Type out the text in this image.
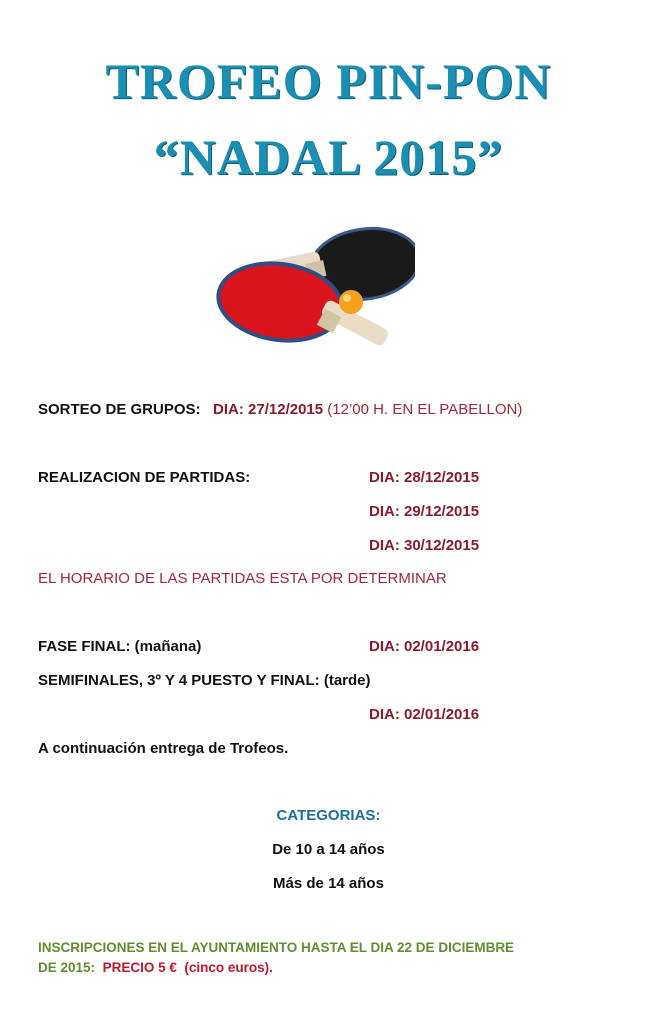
TROFEO PIN-PON
“NADAL 2015”
SORTEO DE GRUPOS: DIA: 27/12/2015 (12’00 H. EN EL PABELLON)
REALIZACION DE PARTIDAS:	DIA: 28/12/2015
DIA: 29/12/2015
DIA: 30/12/2015
EL HORARIO DE LAS PARTIDAS ESTA POR DETERMINAR
FASE FINAL: (mañana)	DIA: 02/01/2016
SEMIFINALES, 3º Y 4 PUESTO Y FINAL: (tarde)
DIA: 02/01/2016
A continuación entrega de Trofeos.
CATEGORIAS:
De 10 a 14 años
Más de 14 años
INSCRIPCIONES EN EL AYUNTAMIENTO HASTA EL DIA 22 DE DICIEMBRE
DE 2015: PRECIO 5 € (cinco euros).
